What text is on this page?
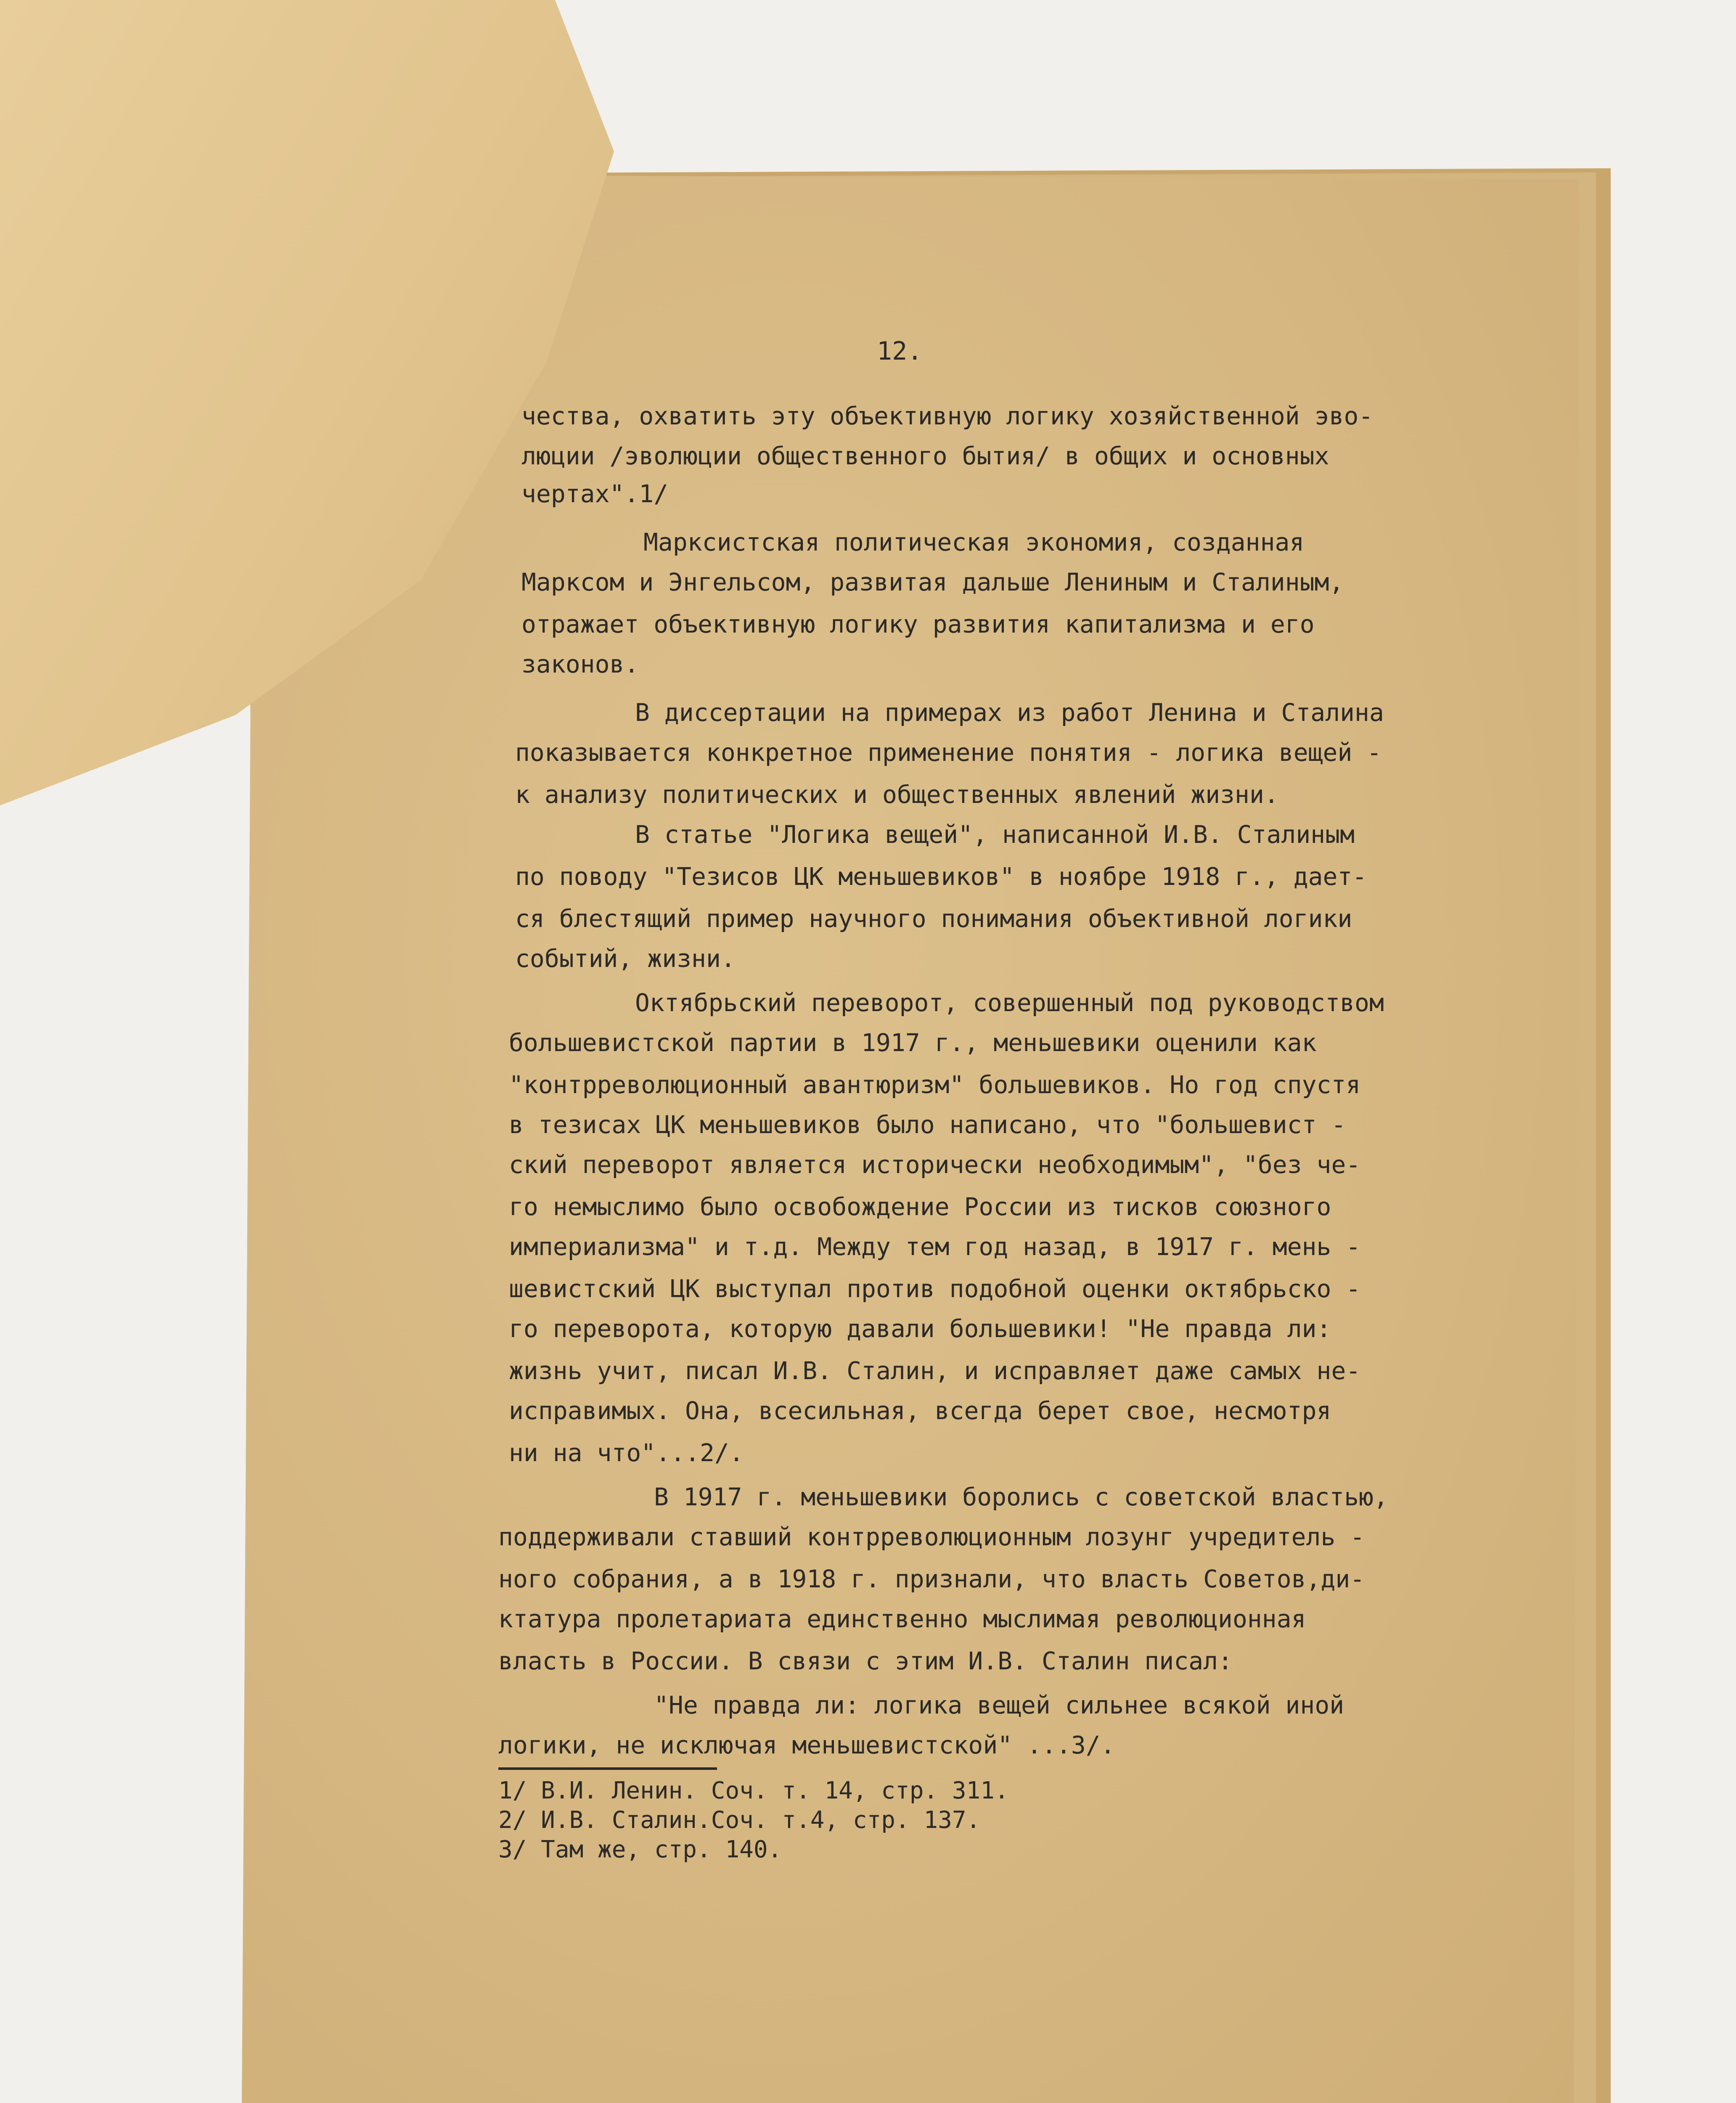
12.
чества, охватить эту объективную логику хозяйственной эво-
люции /эволюции общественного бытия/ в общих и основных
чертах".1/
Марксистская политическая экономия, созданная
Марксом и Энгельсом, развитая дальше Лениным и Сталиным,
отражает объективную логику развития капитализма и его
законов.
В диссертации на примерах из работ Ленина и Сталина
показывается конкретное применение понятия - логика вещей -
к анализу политических и общественных явлений жизни.
В статье "Логика вещей", написанной И.В. Сталиным
по поводу "Тезисов ЦК меньшевиков" в ноябре 1918 г., дает-
ся блестящий пример научного понимания объективной логики
событий, жизни.
Октябрьский переворот, совершенный под руководством
большевистской партии в 1917 г., меньшевики оценили как
"контрреволюционный авантюризм" большевиков. Но год спустя
в тезисах ЦК меньшевиков было написано, что "большевист -
ский переворот является исторически необходимым", "без че-
го немыслимо было освобождение России из тисков союзного
империализма" и т.д. Между тем год назад, в 1917 г. мень -
шевистский ЦК выступал против подобной оценки октябрьско -
го переворота, которую давали большевики! "Не правда ли:
жизнь учит, писал И.В. Сталин, и исправляет даже самых не-
исправимых. Она, всесильная, всегда берет свое, несмотря
ни на что"...2/.
В 1917 г. меньшевики боролись с советской властью,
поддерживали ставший контрреволюционным лозунг учредитель -
ного собрания, а в 1918 г. признали, что власть Советов,ди-
ктатура пролетариата единственно мыслимая революционная
власть в России. В связи с этим И.В. Сталин писал:
"Не правда ли: логика вещей сильнее всякой иной
логики, не исключая меньшевистской" ...3/.
1/ В.И. Ленин. Соч. т. 14, стр. 311.
2/ И.В. Сталин.Соч. т.4, стр. 137.
3/ Там же, стр. 140.
